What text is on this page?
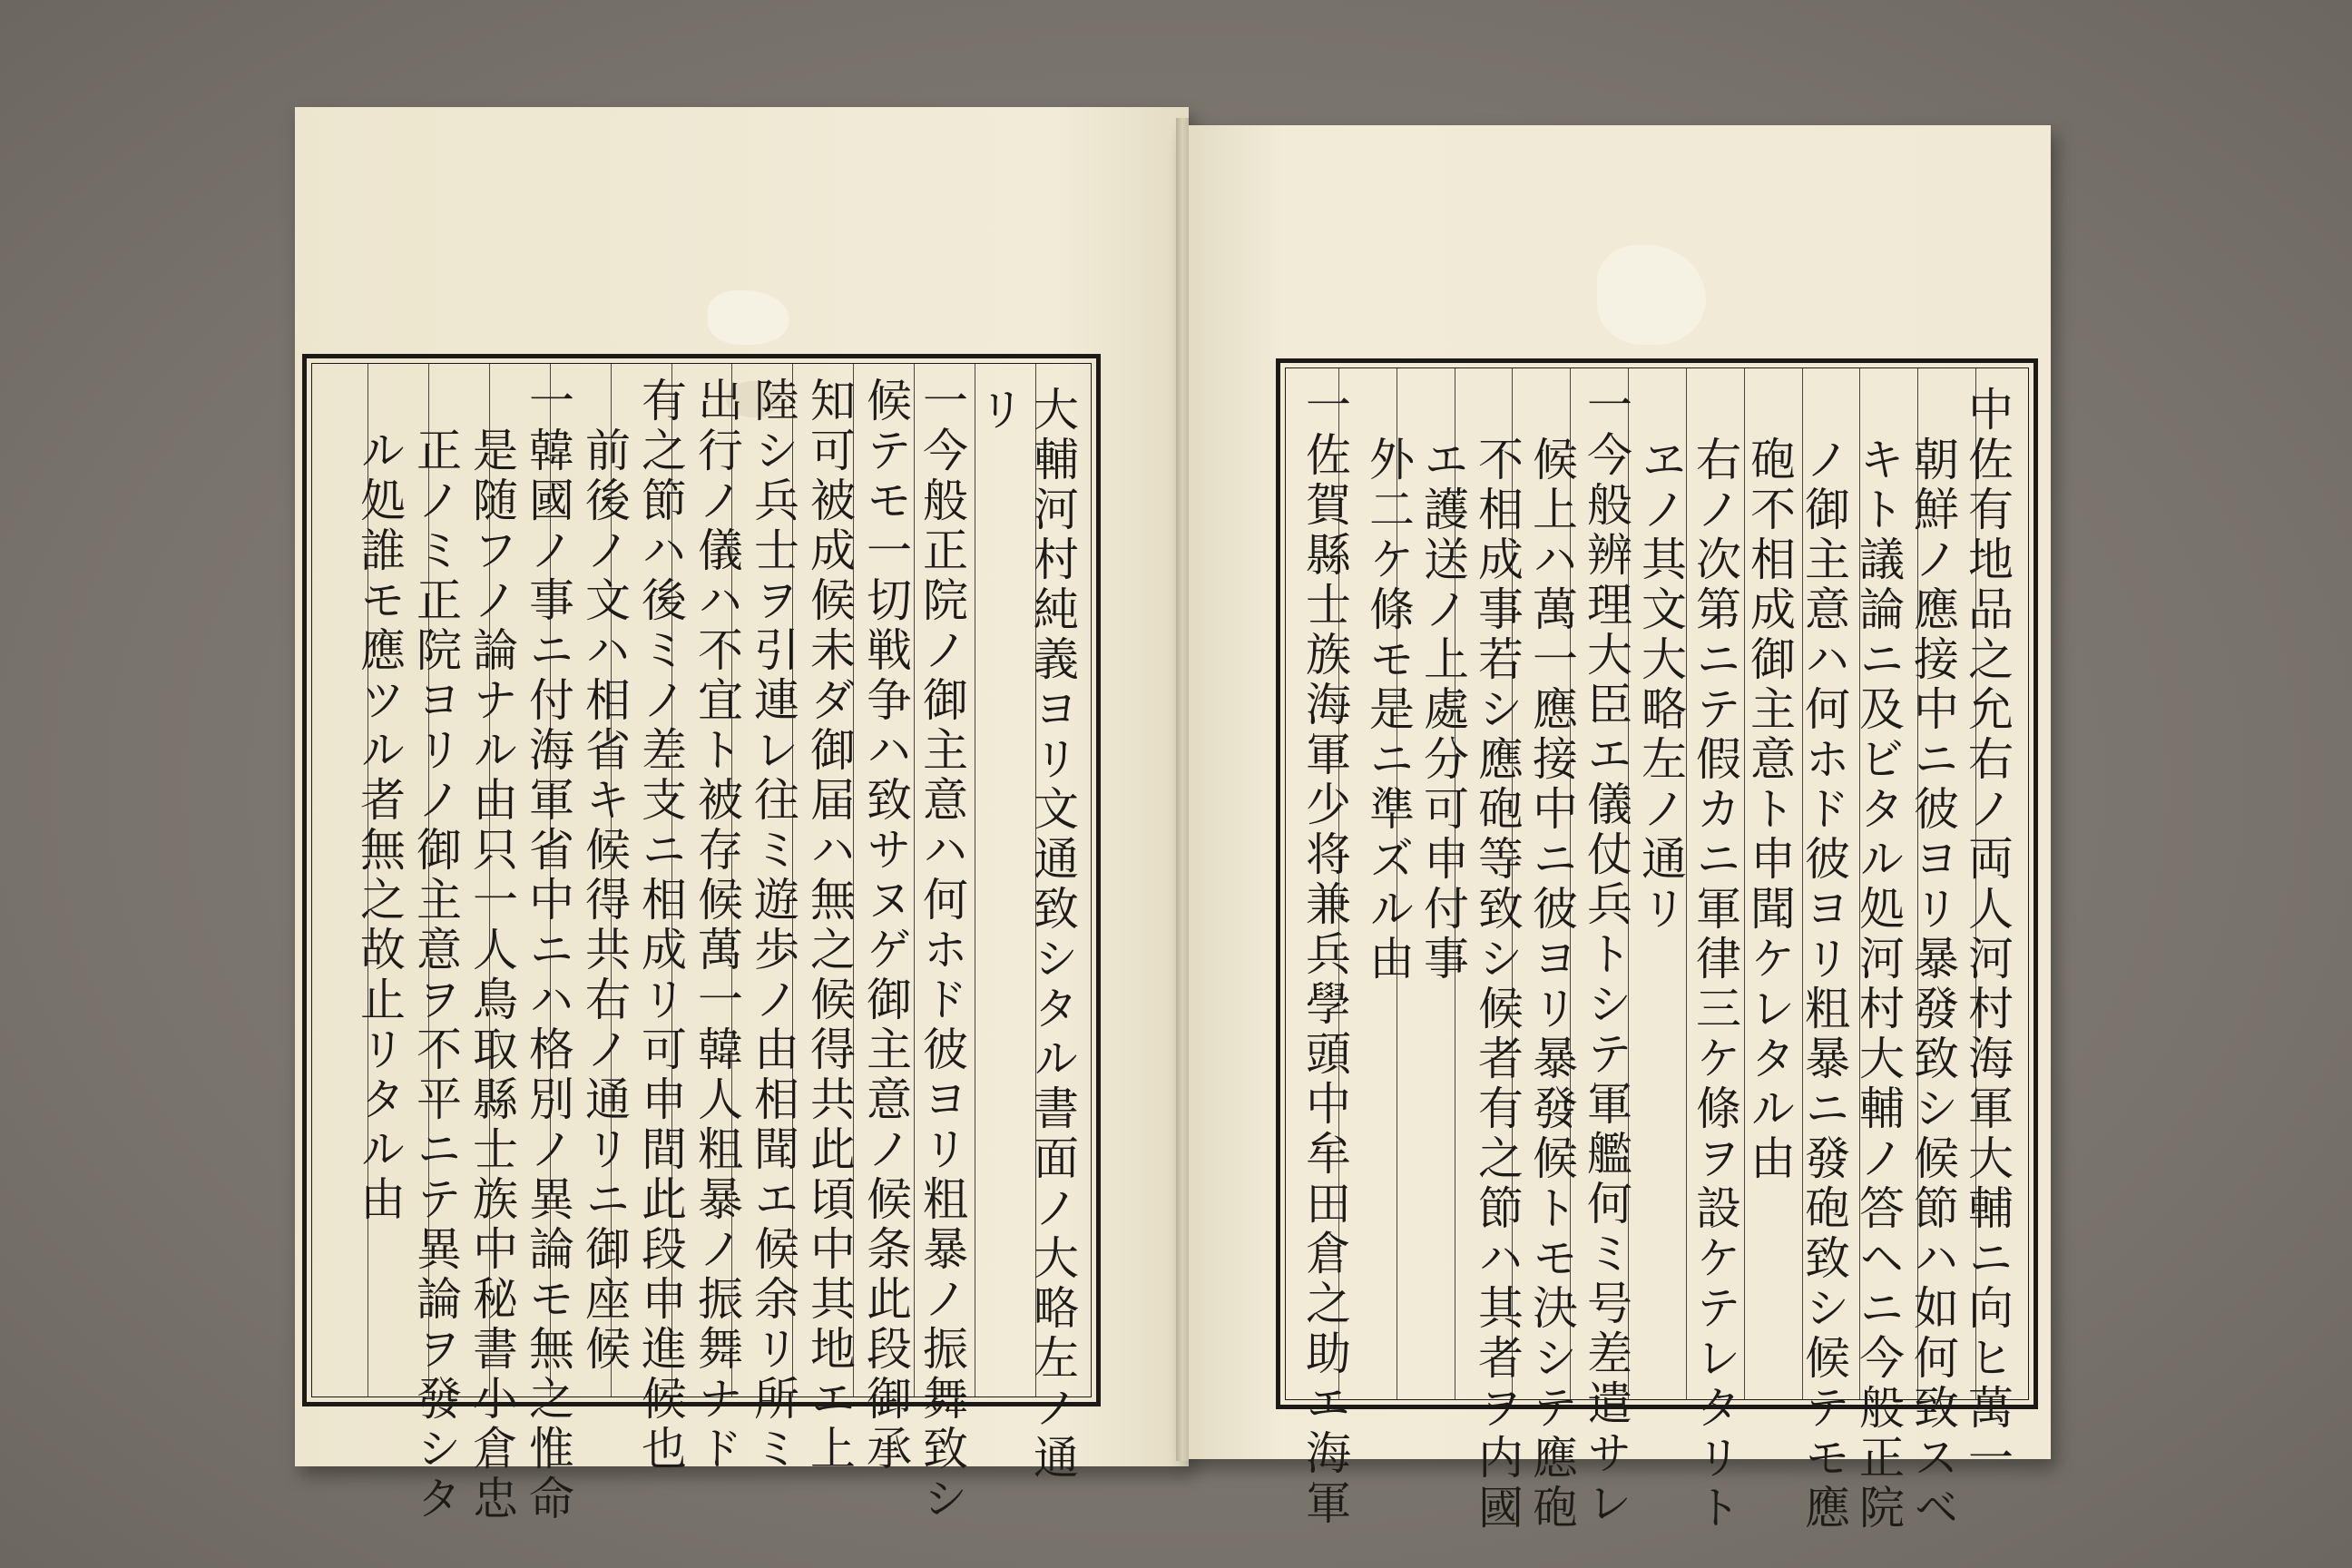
大輔河村純義ヨリ文通致シタル書面ノ大略左ノ通
リ
一今般正院ノ御主意ハ何ホド彼ヨリ粗暴ノ振舞致シ
候テモ一切戦争ハ致サヌゲ御主意ノ候条此段御承
知可被成候未ダ御届ハ無之候得共此頃中其地エ上
陸シ兵士ヲ引連レ往ミ遊歩ノ由相聞エ候余リ所ミ
出行ノ儀ハ不宜ト被存候萬一韓人粗暴ノ振舞ナド
有之節ハ後ミノ差支ニ相成リ可申間此段申進候也
前後ノ文ハ相省キ候得共右ノ通リニ御座候
一韓國ノ事ニ付海軍省中ニハ格別ノ異論モ無之惟命
是随フノ論ナル由只一人鳥取縣士族中秘書小倉忠
正ノミ正院ヨリノ御主意ヲ不平ニテ異論ヲ發シタ
ル処誰モ應ツル者無之故止リタル由	中佐有地品之允右ノ両人河村海軍大輔ニ向ヒ萬一
朝鮮ノ應接中ニ彼ヨリ暴發致シ候節ハ如何致スベ
キト議論ニ及ビタル処河村大輔ノ答ヘニ今般正院
ノ御主意ハ何ホド彼ヨリ粗暴ニ發砲致シ候テモ應
砲不相成御主意ト申聞ケレタル由
右ノ次第ニテ假カニ軍律三ケ條ヲ設ケテレタリト
ヱノ其文大略左ノ通リ
一今般辨理大臣エ儀仗兵トシテ軍艦何ミ号差遣サレ
候上ハ萬一應接中ニ彼ヨリ暴發候トモ決シテ應砲
不相成事若シ應砲等致シ候者有之節ハ其者ヲ内國
エ護送ノ上處分可申付事
外二ケ條モ是ニ準ズル由
一佐賀縣士族海軍少将兼兵學頭中牟田倉之助エ海軍
